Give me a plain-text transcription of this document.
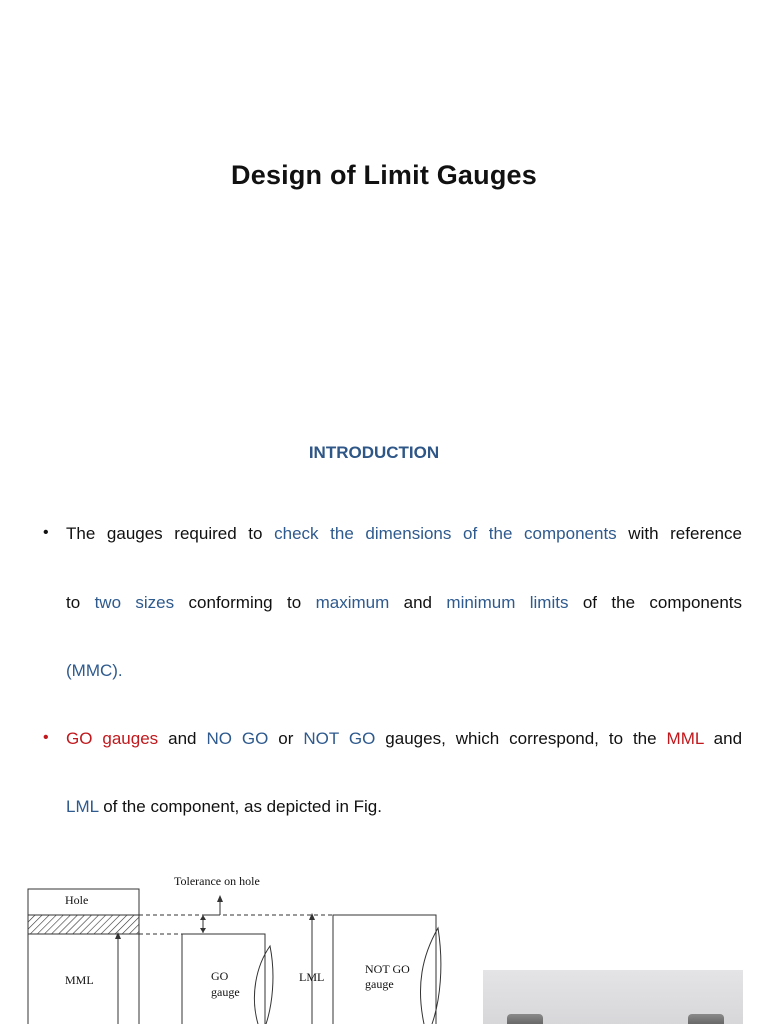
Design of Limit Gauges
INTRODUCTION
• The gauges required to check the dimensions of the components with reference
to two sizes conforming to maximum and minimum limits of the components
(MMC).
• GO gauges and NO GO or NOT GO gauges, which correspond, to the MML and
LML of the component, as depicted in Fig.
Tolerance on hole
Hole
MML	GO
gauge
LML
NOT GO
gauge
